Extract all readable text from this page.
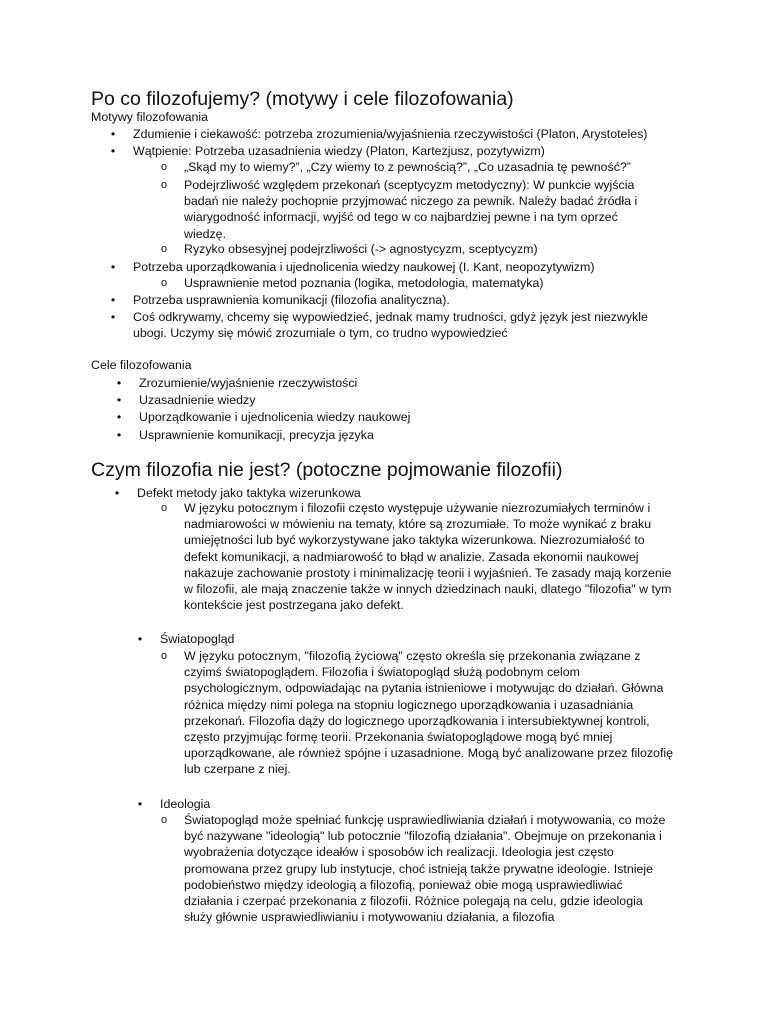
Po co filozofujemy? (motywy i cele filozofowania)
Motywy filozofowania
•	Zdumienie i ciekawość: potrzeba zrozumienia/wyjaśnienia rzeczywistości (Platon, Arystoteles)
•	Wątpienie: Potrzeba uzasadnienia wiedzy (Platon, Kartezjusz, pozytywizm)
o „Skąd my to wiemy?”, „Czy wiemy to z pewnością?”, „Co uzasadnia tę pewność?”
o Podejrzliwość względem przekonań (sceptycyzm metodyczny): W punkcie wyjścia badań nie należy pochopnie przyjmować niczego za pewnik. Należy badać źródła i wiarygodność informacji, wyjść od tego w co najbardziej pewne i na tym oprzeć wiedzę.
o Ryzyko obsesyjnej podejrzliwości (-> agnostycyzm, sceptycyzm)
•	Potrzeba uporządkowania i ujednolicenia wiedzy naukowej (I. Kant, neopozytywizm)
o Usprawnienie metod poznania (logika, metodologia, matematyka)
•	Potrzeba usprawnienia komunikacji (filozofia analityczna).
•	Coś odkrywamy, chcemy się wypowiedzieć, jednak mamy trudności, gdyż język jest niezwykle ubogi. Uczymy się mówić zrozumiale o tym, co trudno wypowiedzieć
Cele filozofowania
•	Zrozumienie/wyjaśnienie rzeczywistości
•	Uzasadnienie wiedzy
•	Uporządkowanie i ujednolicenia wiedzy naukowej
•	Usprawnienie komunikacji, precyzja języka
Czym filozofia nie jest? (potoczne pojmowanie filozofii)
•	Defekt metody jako taktyka wizerunkowa
o W języku potocznym i filozofii często występuje używanie niezrozumiałych terminów i nadmiarowości w mówieniu na tematy, które są zrozumiałe. To może wynikać z braku umiejętności lub być wykorzystywane jako taktyka wizerunkowa. Niezrozumiałość to defekt komunikacji, a nadmiarowość to błąd w analizie. Zasada ekonomii naukowej nakazuje zachowanie prostoty i minimalizację teorii i wyjaśnień. Te zasady mają korzenie w filozofii, ale mają znaczenie także w innych dziedzinach nauki, dlatego "filozofia" w tym kontekście jest postrzegana jako defekt.
•	Światopogląd
o W języku potocznym, "filozofią życiową" często określa się przekonania związane z czyimś światopoglądem. Filozofia i światopogląd służą podobnym celom psychologicznym, odpowiadając na pytania istnieniowe i motywując do działań. Główna różnica między nimi polega na stopniu logicznego uporządkowania i uzasadniania przekonań. Filozofia dąży do logicznego uporządkowania i intersubiektywnej kontroli, często przyjmując formę teorii. Przekonania światopoglądowe mogą być mniej uporządkowane, ale również spójne i uzasadnione. Mogą być analizowane przez filozofię lub czerpane z niej.
•	Ideologia
o Światopogląd może spełniać funkcję usprawiedliwiania działań i motywowania, co może być nazywane "ideologią" lub potocznie "filozofią działania". Obejmuje on przekonania i wyobrażenia dotyczące ideałów i sposobów ich realizacji. Ideologia jest często promowana przez grupy lub instytucje, choć istnieją także prywatne ideologie. Istnieje podobieństwo między ideologią a filozofią, ponieważ obie mogą usprawiedliwiać działania i czerpać przekonania z filozofii. Różnice polegają na celu, gdzie ideologia służy głównie usprawiedliwianiu i motywowaniu działania, a filozofia
